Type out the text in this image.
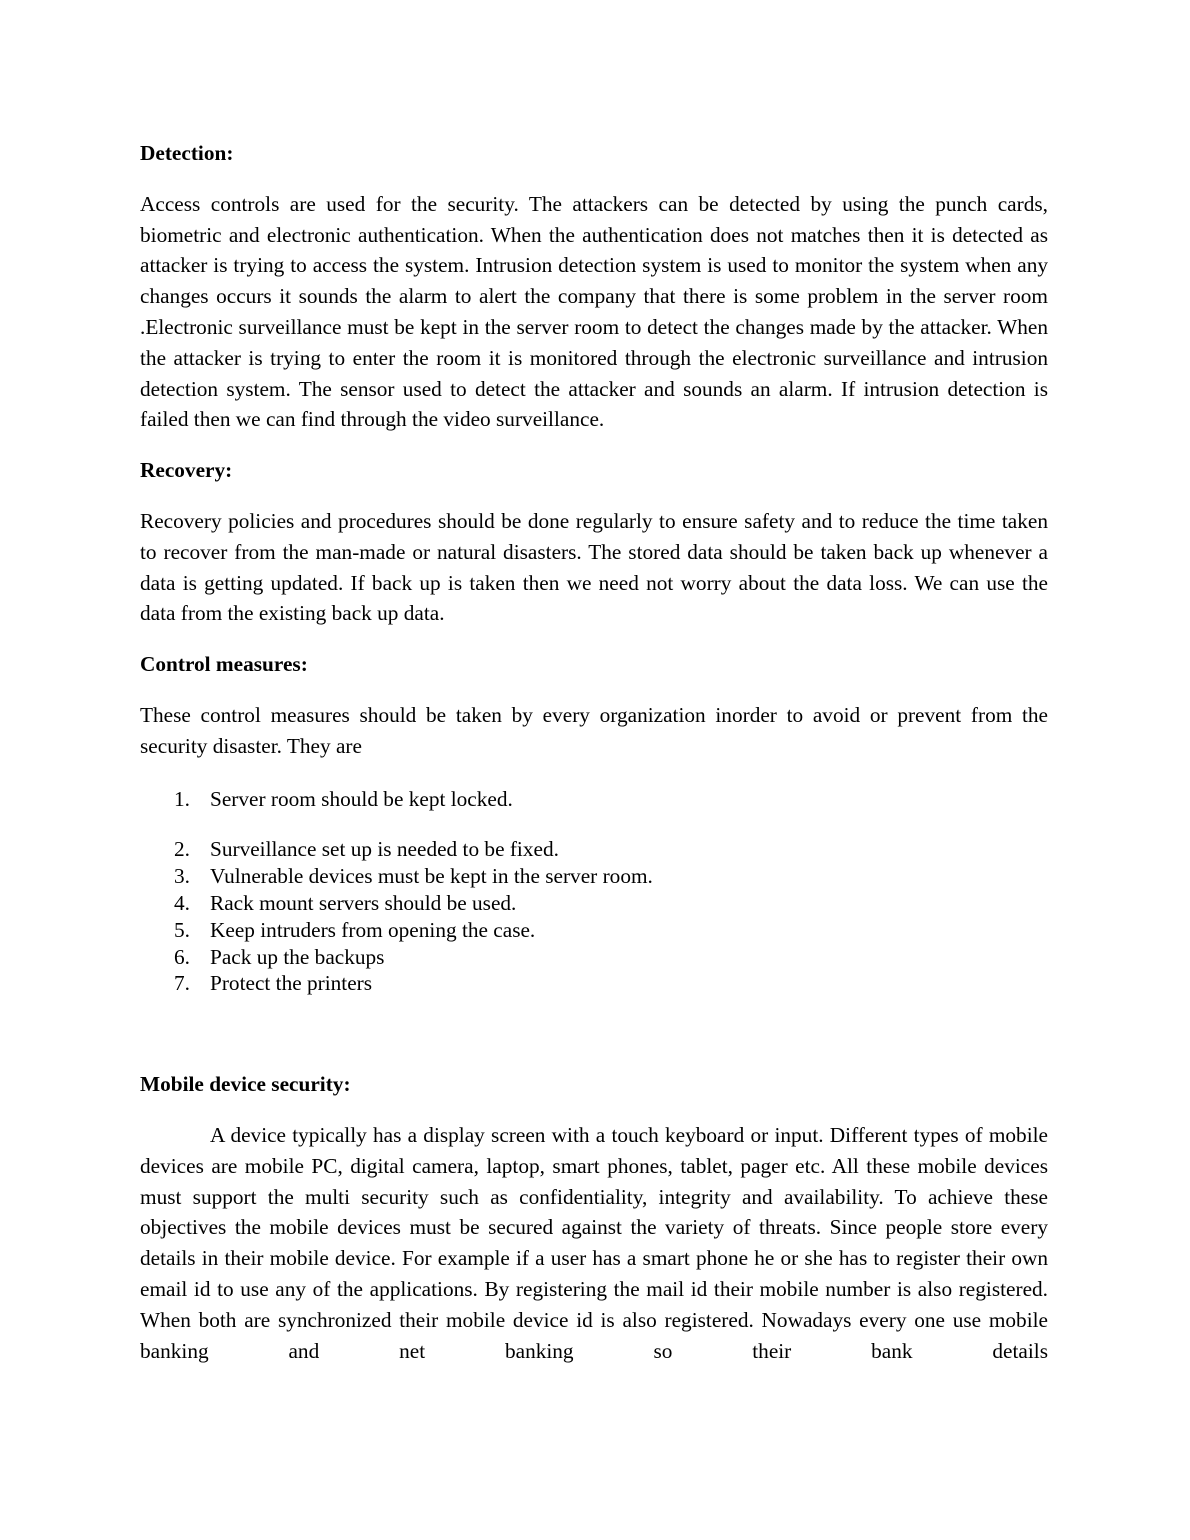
Detection:

Access controls are used for the security. The attackers can be detected by using the punch cards, biometric and electronic authentication. When the authentication does not matches then it is detected as attacker is trying to access the system. Intrusion detection system is used to monitor the system when any changes occurs it sounds the alarm to alert the company that there is some problem in the server room .Electronic surveillance must be kept in the server room to detect the changes made by the attacker. When the attacker is trying to enter the room it is monitored through the electronic surveillance and intrusion detection system. The sensor used to detect the attacker and sounds an alarm. If intrusion detection is failed then we can find through the video surveillance.

Recovery:

Recovery policies and procedures should be done regularly to ensure safety and to reduce the time taken to recover from the man-made or natural disasters. The stored data should be taken back up whenever a data is getting updated. If back up is taken then we need not worry about the data loss. We can use the data from the existing back up data.

Control measures:

These control measures should be taken by every organization inorder to avoid or prevent from the security disaster. They are

1. Server room should be kept locked.
2. Surveillance set up is needed to be fixed.
3. Vulnerable devices must be kept in the server room.
4. Rack mount servers should be used.
5. Keep intruders from opening the case.
6. Pack up the backups
7. Protect the printers

Mobile device security:

A device typically has a display screen with a touch keyboard or input. Different types of mobile devices are mobile PC, digital camera, laptop, smart phones, tablet, pager etc. All these mobile devices must support the multi security such as confidentiality, integrity and availability. To achieve these objectives the mobile devices must be secured against the variety of threats. Since people store every details in their mobile device. For example if a user has a smart phone he or she has to register their own email id to use any of the applications. By registering the mail id their mobile number is also registered. When both are synchronized their mobile device id is also registered. Nowadays every one use mobile banking and net banking so their bank details
